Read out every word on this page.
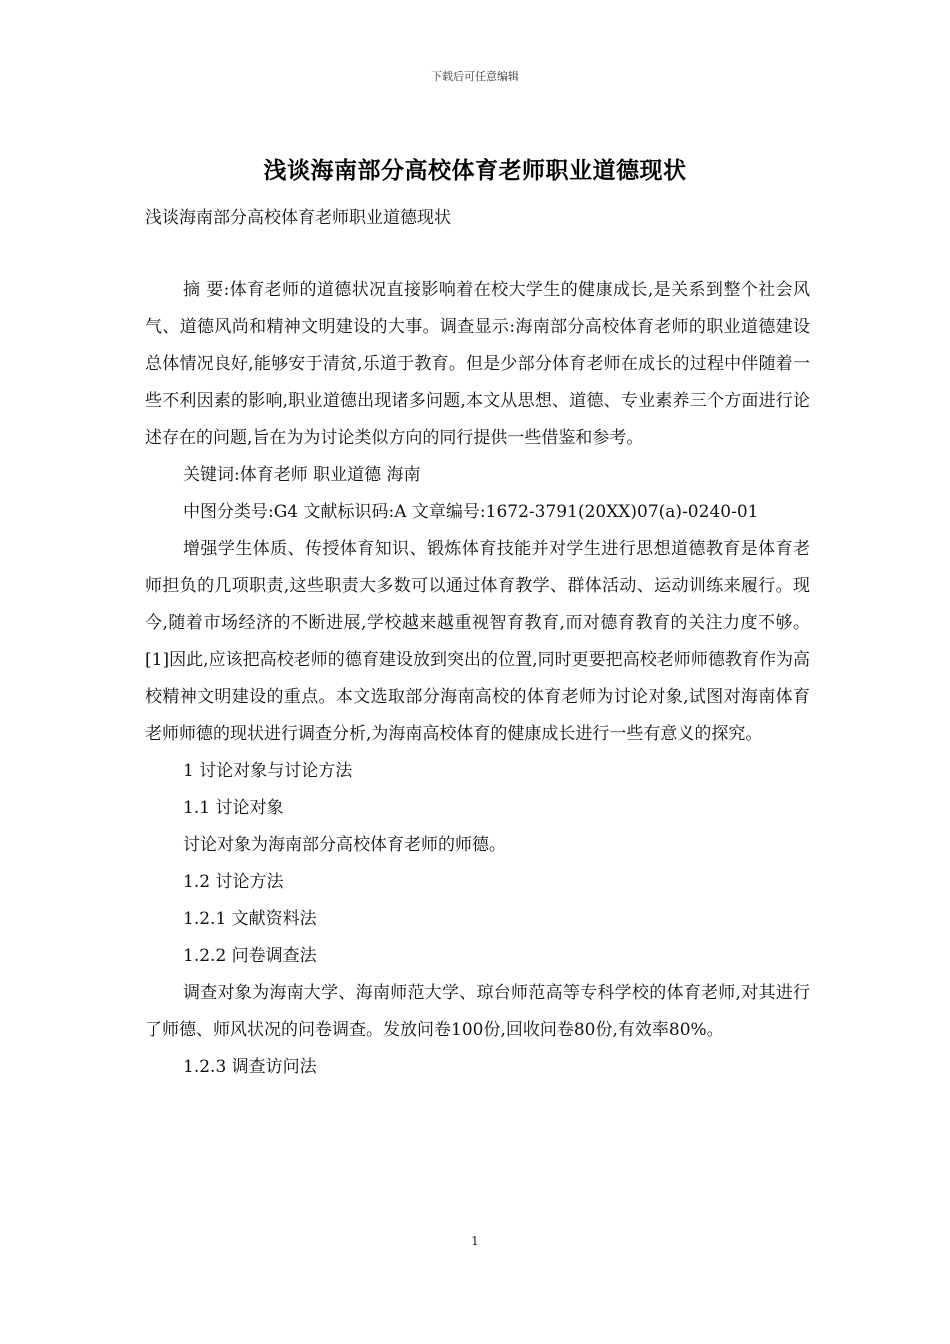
下载后可任意编辑
浅谈海南部分高校体育老师职业道德现状
浅谈海南部分高校体育老师职业道德现状

摘 要:体育老师的道德状况直接影响着在校大学生的健康成长,是关系到整个社会风气、道德风尚和精神文明建设的大事。调查显示:海南部分高校体育老师的职业道德建设总体情况良好,能够安于清贫,乐道于教育。但是少部分体育老师在成长的过程中伴随着一些不利因素的影响,职业道德出现诸多问题,本文从思想、道德、专业素养三个方面进行论述存在的问题,旨在为为讨论类似方向的同行提供一些借鉴和参考。

关键词:体育老师 职业道德 海南

中图分类号:G4 文献标识码:A 文章编号:1672-3791(20XX)07(a)-0240-01

增强学生体质、传授体育知识、锻炼体育技能并对学生进行思想道德教育是体育老师担负的几项职责,这些职责大多数可以通过体育教学、群体活动、运动训练来履行。现今,随着市场经济的不断进展,学校越来越重视智育教育,而对德育教育的关注力度不够。[1]因此,应该把高校老师的德育建设放到突出的位置,同时更要把高校老师师德教育作为高校精神文明建设的重点。本文选取部分海南高校的体育老师为讨论对象,试图对海南体育老师师德的现状进行调查分析,为海南高校体育的健康成长进行一些有意义的探究。

1 讨论对象与讨论方法

1.1 讨论对象

讨论对象为海南部分高校体育老师的师德。

1.2 讨论方法

1.2.1 文献资料法

1.2.2 问卷调查法

调查对象为海南大学、海南师范大学、琼台师范高等专科学校的体育老师,对其进行了师德、师风状况的问卷调查。发放问卷100份,回收问卷80份,有效率80%。

1.2.3 调查访问法

1
